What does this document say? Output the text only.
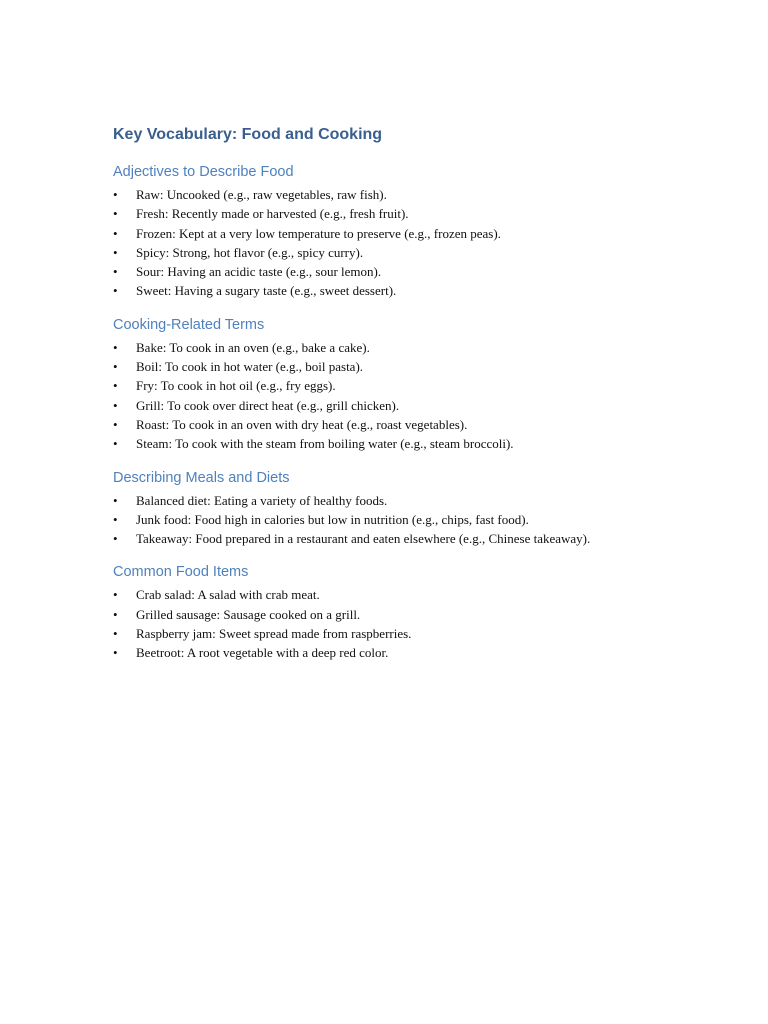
Key Vocabulary: Food and Cooking
Adjectives to Describe Food
• Raw: Uncooked (e.g., raw vegetables, raw fish).
• Fresh: Recently made or harvested (e.g., fresh fruit).
• Frozen: Kept at a very low temperature to preserve (e.g., frozen peas).
• Spicy: Strong, hot flavor (e.g., spicy curry).
• Sour: Having an acidic taste (e.g., sour lemon).
• Sweet: Having a sugary taste (e.g., sweet dessert).
Cooking-Related Terms
• Bake: To cook in an oven (e.g., bake a cake).
• Boil: To cook in hot water (e.g., boil pasta).
• Fry: To cook in hot oil (e.g., fry eggs).
• Grill: To cook over direct heat (e.g., grill chicken).
• Roast: To cook in an oven with dry heat (e.g., roast vegetables).
• Steam: To cook with the steam from boiling water (e.g., steam broccoli).
Describing Meals and Diets
• Balanced diet: Eating a variety of healthy foods.
• Junk food: Food high in calories but low in nutrition (e.g., chips, fast food).
• Takeaway: Food prepared in a restaurant and eaten elsewhere (e.g., Chinese takeaway).
Common Food Items
• Crab salad: A salad with crab meat.
• Grilled sausage: Sausage cooked on a grill.
• Raspberry jam: Sweet spread made from raspberries.
• Beetroot: A root vegetable with a deep red color.
